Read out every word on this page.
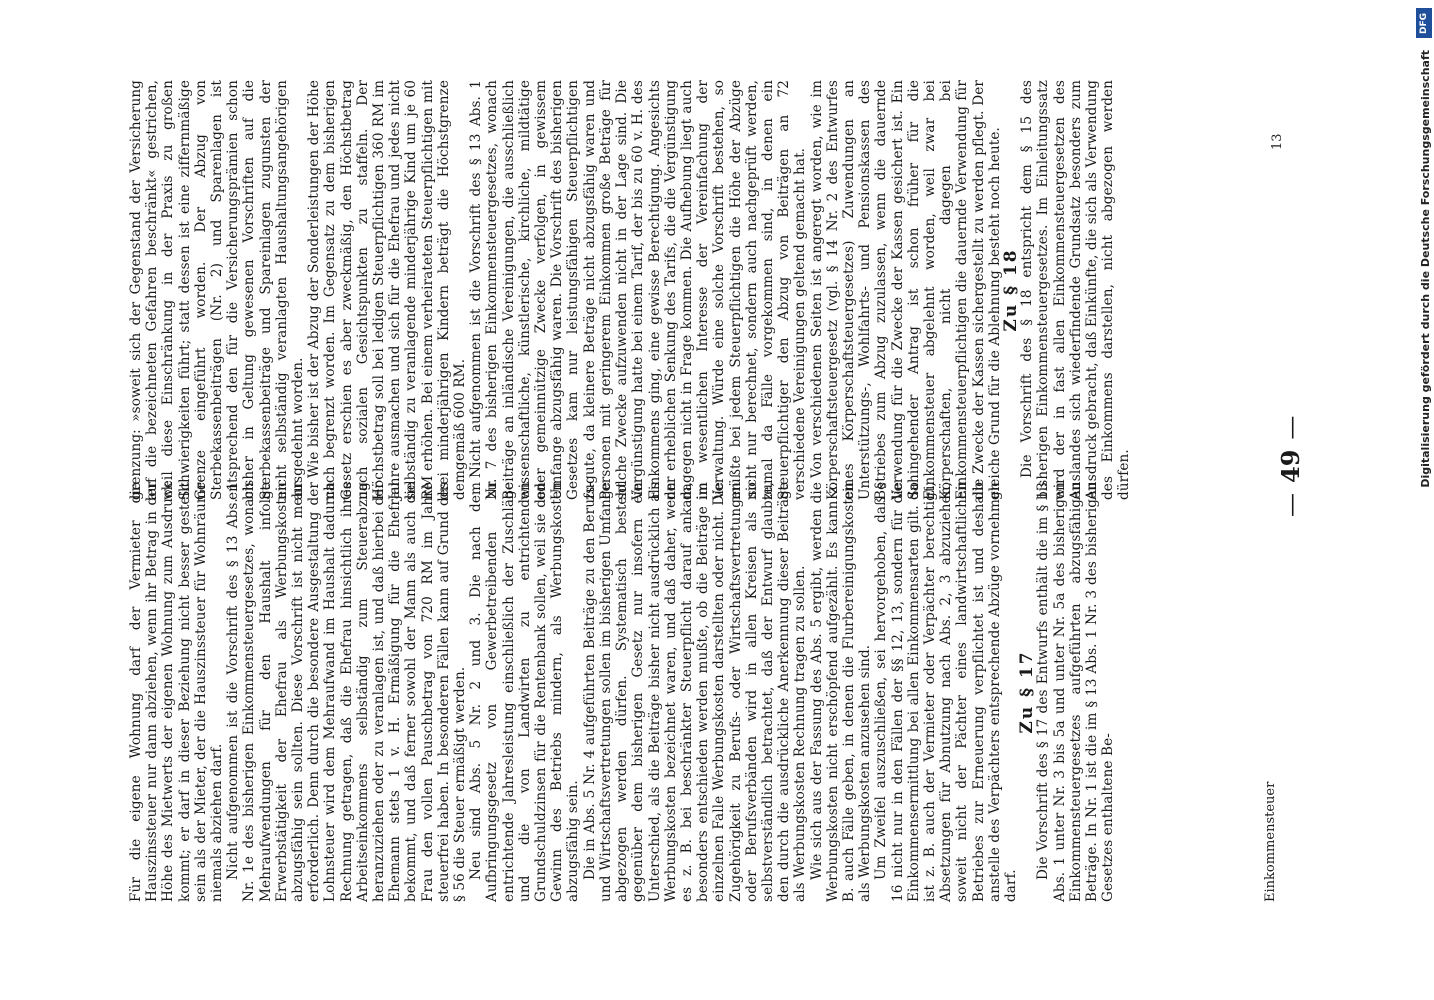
—49—

Für die eigene Wohnung darf der Vermieter die Hauszinssteuer nur dann abziehen, wenn ihr Betrag in der Höhe des Mietwerts der eigenen Wohnung zum Ausdruck kommt; er darf in dieser Beziehung nicht besser gestellt sein als der Mieter, der die Hauszinssteuer für Wohnräume niemals abziehen darf. Nicht aufgenommen ist die Vorschrift des § 13 Abs. 1 Nr. 1e des bisherigen Einkommensteuergesetzes, wonach Mehraufwendungen für den Haushalt infolge Erwerbstätigkeit der Ehefrau als Werbungskosten abzugsfähig sein sollten. Diese Vorschrift ist nicht mehr erforderlich. Denn durch die besondere Ausgestaltung der Lohnsteuer wird dem Mehraufwand im Haushalt dadurch Rechnung getragen, daß die Ehefrau hinsichtlich ihres Arbeitseinkommens selbständig zum Steuerabzug heranzuziehen oder zu veranlagen ist, und daß hierbei der Ehemann stets 1 v. H. Ermäßigung für die Ehefrau bekommt, und daß ferner sowohl der Mann als auch die Frau den vollen Pauschbetrag von 720 RM im Jahre steuerfrei haben. In besonderen Fällen kann auf Grund des § 56 die Steuer ermäßigt werden. Neu sind Abs. 5 Nr. 2 und 3. Die nach dem Aufbringungsgesetz von Gewerbetreibenden zu entrichtende Jahresleistung einschließlich der Zuschläge und die von Landwirten zu entrichtenden Grundschuldzinsen für die Rentenbank sollen, weil sie den Gewinn des Betriebs mindern, als Werbungskosten abzugsfähig sein. Die in Abs. 5 Nr. 4 aufgeführten Beiträge zu den Berufs- und Wirtschaftsvertretungen sollen im bisherigen Umfange abgezogen werden dürfen. Systematisch besteht gegenüber dem bisherigen Gesetz nur insofern ein Unterschied, als die Beiträge bisher nicht ausdrücklich als Werbungskosten bezeichnet waren, und daß daher, wenn es z. B. bei beschränkter Steuerpflicht darauf ankam, besonders entschieden werden mußte, ob die Beiträge im einzelnen Falle Werbungskosten darstellten oder nicht. Die Zugehörigkeit zu Berufs- oder Wirtschaftsvertretungen oder Berufsverbänden wird in allen Kreisen als so selbstverständlich betrachtet, daß der Entwurf glaubte, den durch die ausdrückliche Anerkennung dieser Beiträge als Werbungskosten Rechnung tragen zu sollen. Wie sich aus der Fassung des Abs. 5 ergibt, werden die Werbungskosten nicht erschöpfend aufgezählt. Es kann z. B. auch Fälle geben, in denen die Flurbereinigungskosten als Werbungskosten anzusehen sind. Um Zweifel auszuschließen, sei hervorgehoben, daß § 16 nicht nur in den Fällen der §§ 12, 13, sondern für die Einkommensermittlung bei allen Einkommensarten gilt. So ist z. B. auch der Vermieter oder Verpächter berechtigt, Absetzungen für Abnutzung nach Abs. 2, 3 abzuziehen, soweit nicht der Pächter eines landwirtschaftlichen Betriebes zur Erneuerung verpflichtet ist und deshalb anstelle des Verpächters entsprechende Abzüge vornehmen darf.

Zu § 17

Die Vorschrift des § 17 des Entwurfs enthält die im § 13 Abs. 1 unter Nr. 3 bis 5a und unter Nr. 5a des bisherigen Einkommensteuergesetzes aufgeführten abzugsfähigen Beträge. In Nr. 1 ist die im § 13 Abs. 1 Nr. 3 des bisherigen Gesetzes enthaltene Be-

grenzung: »soweit sich der Gegenstand der Versicherung auf die bezeichneten Gefahren beschränkt« gestrichen, weil diese Einschränkung in der Praxis zu großen Schwierigkeiten führt; statt dessen ist eine ziffernmäßige Grenze eingeführt worden. Der Abzug von Sterbekassenbeiträgen (Nr. 2) und Sparenlagen ist entsprechend den für die Versicherungsprämien schon bisher in Geltung gewesenen Vorschriften auf die Sterbekassenbeiträge und Spareinlagen zugunsten der nicht selbständig veranlagten Haushaltungsangehörigen ausgedehnt worden. Wie bisher ist der Abzug der Sonderleistungen der Höhe nach begrenzt worden. Im Gegensatz zu dem bisherigen Gesetz erschien es aber zweckmäßig, den Höchstbetrag nach sozialen Gesichtspunkten zu staffeln. Der Höchstbetrag soll bei ledigen Steuerpflichtigen 360 RM im Jahre ausmachen und sich für die Ehefrau und jedes nicht selbständig zu veranlagende minderjährige Kind um je 60 RM erhöhen. Bei einem verheirateten Steuerpflichtigen mit drei minderjährigen Kindern beträgt die Höchstgrenze demgemäß 600 RM. Nicht aufgenommen ist die Vorschrift des § 13 Abs. 1 Nr. 7 des bisherigen Einkommensteuergesetzes, wonach Beiträge an inländische Vereinigungen, die ausschließlich wissenschaftliche, künstlerische, kirchliche, mildtätige oder gemeinnützige Zwecke verfolgen, in gewissem Umfange abzugsfähig waren. Die Vorschrift des bisherigen Gesetzes kam nur leistungsfähigen Steuerpflichtigen zugute, da kleinere Beträge nicht abzugsfähig waren und Personen mit geringerem Einkommen große Beträge für solche Zwecke aufzuwenden nicht in der Lage sind. Die Vergünstigung hatte bei einem Tarif, der bis zu 60 v. H. des Einkommens ging, eine gewisse Berechtigung. Angesichts der erheblichen Senkung des Tarifs, die die Vergünstigung dagegen nicht in Frage kommen. Die Aufhebung liegt auch im wesentlichen Interesse der Vereinfachung der Verwaltung. Würde eine solche Vorschrift bestehen, so müßte bei jedem Steuerpflichtigen die Höhe der Abzüge nicht nur berechnet, sondern auch nachgeprüft werden, zumal da Fälle vorgekommen sind, in denen ein Steuerpflichtiger den Abzug von Beiträgen an 72 verschiedene Vereinigungen geltend gemacht hat. Von verschiedenen Seiten ist angeregt worden, wie im Körperschaftsteuergesetz (vgl. § 14 Nr. 2 des Entwurfes eines Körperschaftsteuergesetzes) Zuwendungen an Unterstützungs-, Wohlfahrts- und Pensionskassen des Betriebes zum Abzug zuzulassen, wenn die dauernde Verwendung für die Zwecke der Kassen gesichert ist. Ein dahingehender Antrag ist schon früher für die Einkommensteuer abgelehnt worden, weil zwar bei Körperschaften, nicht dagegen bei Einkommensteuerpflichtigen die dauernde Verwendung für die Zwecke der Kassen sichergestellt zu werden pflegt. Der gleiche Grund für die Ablehnung besteht noch heute.

Zu § 18

Die Vorschrift des § 18 entspricht dem § 15 des bisherigen Einkommensteuergesetzes. Im Einleitungssatz wird der in fast allen Einkommensteuergesetzen des Auslandes sich wiederfindende Grundsatz besonders zum Ausdruck gebracht, daß Einkünfte, die sich als Verwendung des Einkommens darstellen, nicht abgezogen werden dürfen.

Einkommensteuer
13
DFG
Digitalisierung gefördert durch die Deutsche Forschungsgemeinschaft
